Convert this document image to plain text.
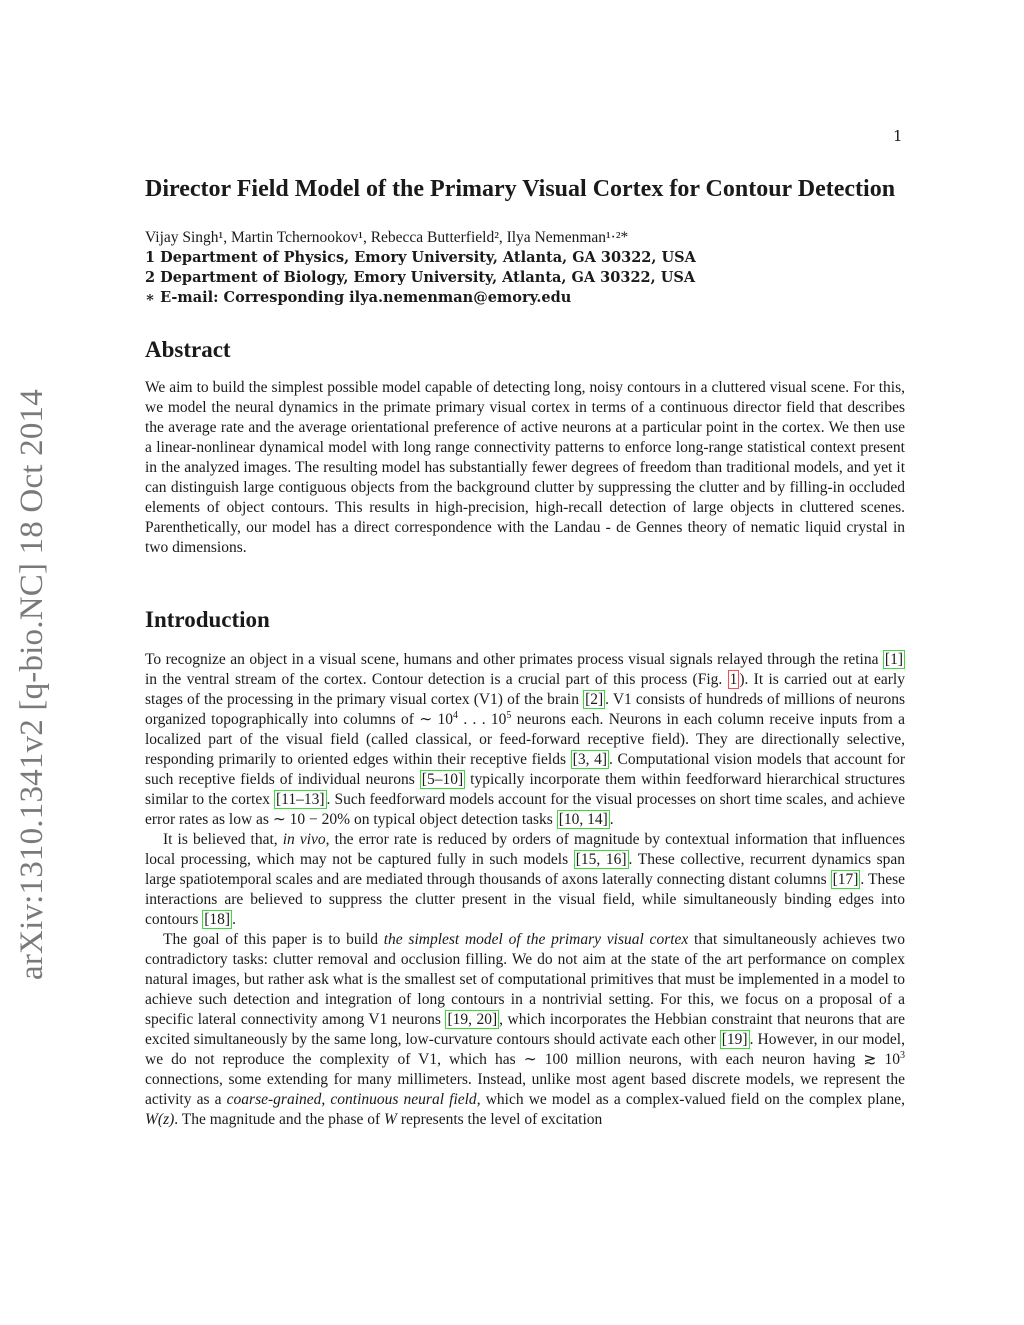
1
arXiv:1310.1341v2 [q-bio.NC] 18 Oct 2014
Director Field Model of the Primary Visual Cortex for Contour Detection
Vijay Singh¹, Martin Tchernookov¹, Rebecca Butterfield², Ilya Nemenman¹·²*
1 Department of Physics, Emory University, Atlanta, GA 30322, USA
2 Department of Biology, Emory University, Atlanta, GA 30322, USA
∗ E-mail: Corresponding ilya.nemenman@emory.edu
Abstract

We aim to build the simplest possible model capable of detecting long, noisy contours in a cluttered visual scene. For this, we model the neural dynamics in the primate primary visual cortex in terms of a continuous director field that describes the average rate and the average orientational preference of active neurons at a particular point in the cortex. We then use a linear-nonlinear dynamical model with long range connectivity patterns to enforce long-range statistical context present in the analyzed images. The resulting model has substantially fewer degrees of freedom than traditional models, and yet it can distinguish large contiguous objects from the background clutter by suppressing the clutter and by filling-in occluded elements of object contours. This results in high-precision, high-recall detection of large objects in cluttered scenes. Parenthetically, our model has a direct correspondence with the Landau - de Gennes theory of nematic liquid crystal in two dimensions.

Introduction

To recognize an object in a visual scene, humans and other primates process visual signals relayed through the retina [1] in the ventral stream of the cortex. Contour detection is a crucial part of this process (Fig. 1 ). It is carried out at early stages of the processing in the primary visual cortex (V1) of the brain [2] . V1 consists of hundreds of millions of neurons organized topographically into columns of ∼ $10^4$ . . . $10^5$ neurons each. Neurons in each column receive inputs from a localized part of the visual field (called classical, or feed-forward receptive field). They are directionally selective, responding primarily to oriented edges within their receptive fields [3, 4] . Computational vision models that account for such receptive fields of individual neurons [5–10] typically incorporate them within feedforward hierarchical structures similar to the cortex [11–13] . Such feedforward models account for the visual processes on short time scales, and achieve error rates as low as ∼ 10 − 20% on typical object detection tasks [10, 14] .

It is believed that, in vivo, the error rate is reduced by orders of magnitude by contextual information that influences local processing, which may not be captured fully in such models [15, 16] . These collective, recurrent dynamics span large spatiotemporal scales and are mediated through thousands of axons laterally connecting distant columns [17] . These interactions are believed to suppress the clutter present in the visual field, while simultaneously binding edges into contours [18] .

The goal of this paper is to build the simplest model of the primary visual cortex that simultaneously achieves two contradictory tasks: clutter removal and occlusion filling. We do not aim at the state of the art performance on complex natural images, but rather ask what is the smallest set of computational primitives that must be implemented in a model to achieve such detection and integration of long contours in a nontrivial setting. For this, we focus on a proposal of a specific lateral connectivity among V1 neurons [19, 20] , which incorporates the Hebbian constraint that neurons that are excited simultaneously by the same long, low-curvature contours should activate each other [19] . However, in our model, we do not reproduce the complexity of V1, which has ∼ 100 million neurons, with each neuron having ≳ $10^3$ connections, some extending for many millimeters. Instead, unlike most agent based discrete models, we represent the activity as a coarse-grained, continuous neural field, which we model as a complex-valued field on the complex plane, W(z). The magnitude and the phase of W represents the level of excitation
